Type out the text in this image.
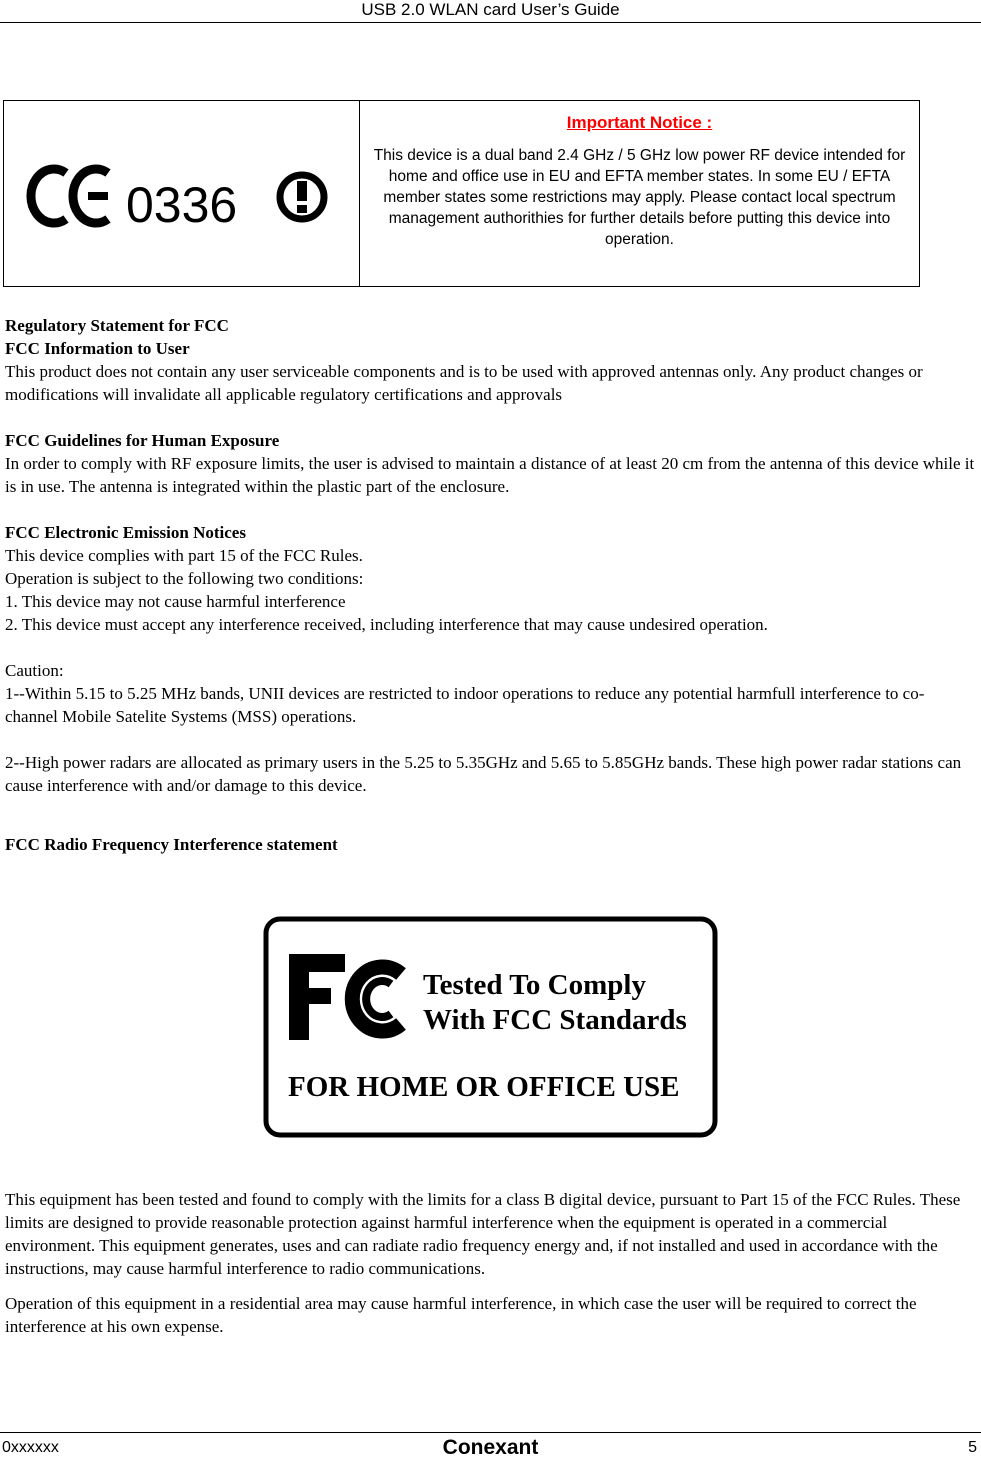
USB 2.0 WLAN card User’s Guide
0336
Important Notice :
This device is a dual band 2.4 GHz / 5 GHz low power RF device intended for home and office use in EU and EFTA member states. In some EU / EFTA member states some restrictions may apply. Please contact local spectrum management authorithies for further details before putting this device into operation.

Regulatory Statement for FCC

FCC Information to User

This product does not contain any user serviceable components and is to be used with approved antennas only. Any product changes or modifications will invalidate all applicable regulatory certifications and approvals

FCC Guidelines for Human Exposure

In order to comply with RF exposure limits, the user is advised to maintain a distance of at least 20 cm from the antenna of this device while it is in use. The antenna is integrated within the plastic part of the enclosure.

FCC Electronic Emission Notices

This device complies with part 15 of the FCC Rules.

Operation is subject to the following two conditions:

1. This device may not cause harmful interference

2. This device must accept any interference received, including interference that may cause undesired operation.

Caution:

1--Within 5.15 to 5.25 MHz bands, UNII devices are restricted to indoor operations to reduce any potential harmfull interference to co-channel Mobile Satelite Systems (MSS) operations.

2--High power radars are allocated as primary users in the 5.25 to 5.35GHz and 5.65 to 5.85GHz bands. These high power radar stations can cause interference with and/or damage to this device.

FCC Radio Frequency Interference statement

Tested To Comply
With FCC Standards
FOR HOME OR OFFICE USE

This equipment has been tested and found to comply with the limits for a class B digital device, pursuant to Part 15 of the FCC Rules. These limits are designed to provide reasonable protection against harmful interference when the equipment is operated in a commercial environment. This equipment generates, uses and can radiate radio frequency energy and, if not installed and used in accordance with the instructions, may cause harmful interference to radio communications.

Operation of this equipment in a residential area may cause harmful interference, in which case the user will be required to correct the interference at his own expense.

0xxxxxx	Conexant	5
